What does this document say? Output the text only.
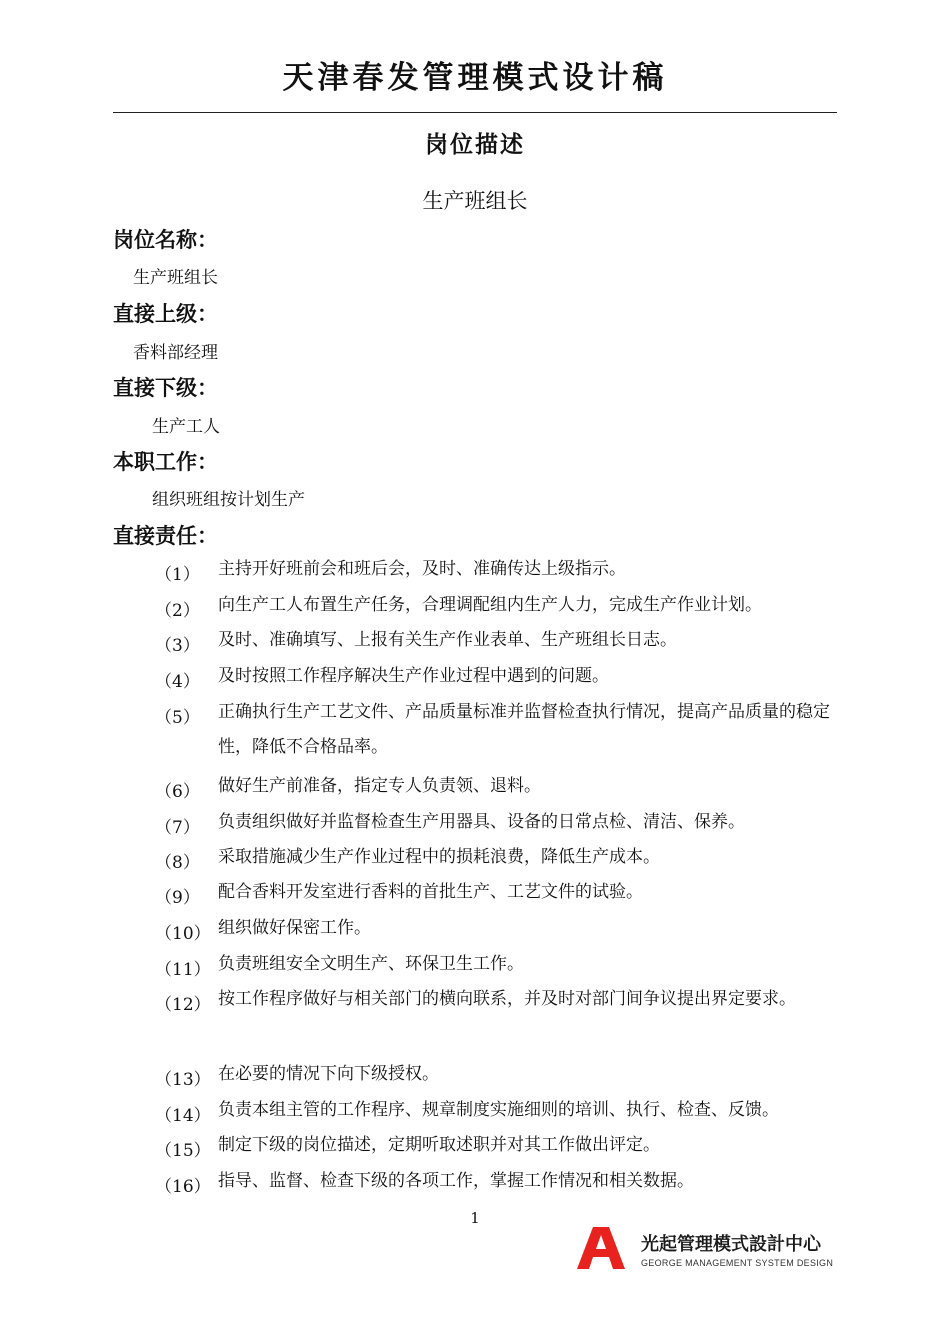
天津春发管理模式设计稿
岗位描述
生产班组长
岗位名称：
生产班组长
直接上级：
香料部经理
直接下级：
生产工人
本职工作：
组织班组按计划生产
直接责任：
（1）	主持开好班前会和班后会，及时、准确传达上级指示。
（2）	向生产工人布置生产任务，合理调配组内生产人力，完成生产作业计划。
（3）	及时、准确填写、上报有关生产作业表单、生产班组长日志。
（4）	及时按照工作程序解决生产作业过程中遇到的问题。
（5）	正确执行生产工艺文件、产品质量标准并监督检查执行情况，提高产品质量的稳定性，降低不合格品率。
（6）	做好生产前准备，指定专人负责领、退料。
（7）	负责组织做好并监督检查生产用器具、设备的日常点检、清洁、保养。
（8）	采取措施减少生产作业过程中的损耗浪费，降低生产成本。
（9）	配合香料开发室进行香料的首批生产、工艺文件的试验。
（10） 组织做好保密工作。
（11） 负责班组安全文明生产、环保卫生工作。
（12） 按工作程序做好与相关部门的横向联系，并及时对部门间争议提出界定要求。
（13） 在必要的情况下向下级授权。
（14） 负责本组主管的工作程序、规章制度实施细则的培训、执行、检查、反馈。
（15） 制定下级的岗位描述，定期听取述职并对其工作做出评定。
（16） 指导、监督、检查下级的各项工作，掌握工作情况和相关数据。
1
光起管理模式設計中心
GEORGE MANAGEMENT SYSTEM DESIGN
